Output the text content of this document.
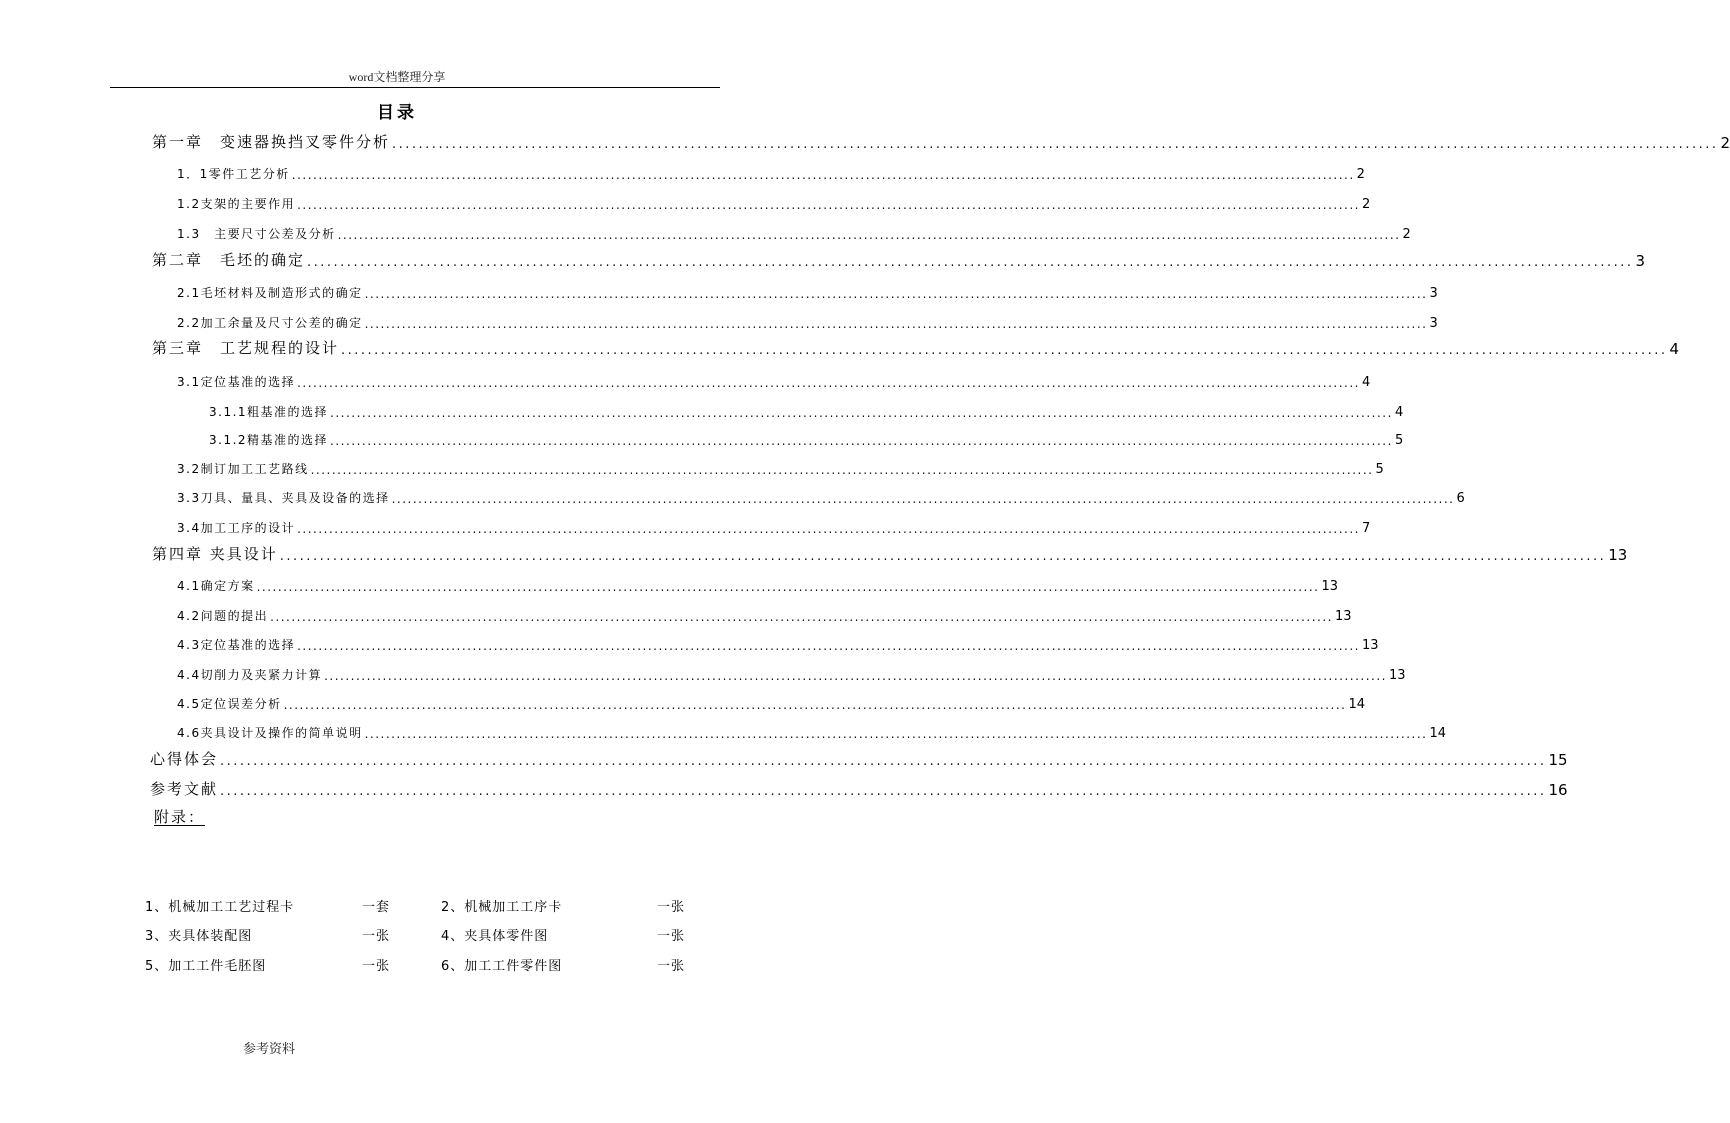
word文档整理分享
目录
第一章　变速器换挡叉零件分析 ........................................................................................................................................................................................................ 2
1．1零件工艺分析 ........................................................................................................................................................................................................ 2
1.2支架的主要作用 ........................................................................................................................................................................................................ 2
1.3　主要尺寸公差及分析 ........................................................................................................................................................................................................ 2
第二章　毛坯的确定 ........................................................................................................................................................................................................ 3
2.1毛坯材料及制造形式的确定 ........................................................................................................................................................................................................ 3
2.2加工余量及尺寸公差的确定 ........................................................................................................................................................................................................ 3
第三章　工艺规程的设计 ........................................................................................................................................................................................................ 4
3.1定位基准的选择 ........................................................................................................................................................................................................ 4
3.1.1粗基准的选择 ........................................................................................................................................................................................................ 4
3.1.2精基准的选择 ........................................................................................................................................................................................................ 5
3.2制订加工工艺路线 ........................................................................................................................................................................................................ 5
3.3刀具、量具、夹具及设备的选择 ........................................................................................................................................................................................................ 6
3.4加工工序的设计 ........................................................................................................................................................................................................ 7
第四章 夹具设计 ........................................................................................................................................................................................................ 13
4.1确定方案 ........................................................................................................................................................................................................ 13
4.2问题的提出 ........................................................................................................................................................................................................ 13
4.3定位基准的选择 ........................................................................................................................................................................................................ 13
4.4切削力及夹紧力计算 ........................................................................................................................................................................................................ 13
4.5定位误差分析 ........................................................................................................................................................................................................ 14
4.6夹具设计及操作的简单说明 ........................................................................................................................................................................................................ 14
心得体会 ........................................................................................................................................................................................................ 15
参考文献 ........................................................................................................................................................................................................ 16
附录：
1、机械加工工艺过程卡	一套	2、机械加工工序卡	一张
3、夹具体装配图	一张	4、夹具体零件图	一张
5、加工工件毛胚图	一张	6、加工工件零件图	一张
参考资料
